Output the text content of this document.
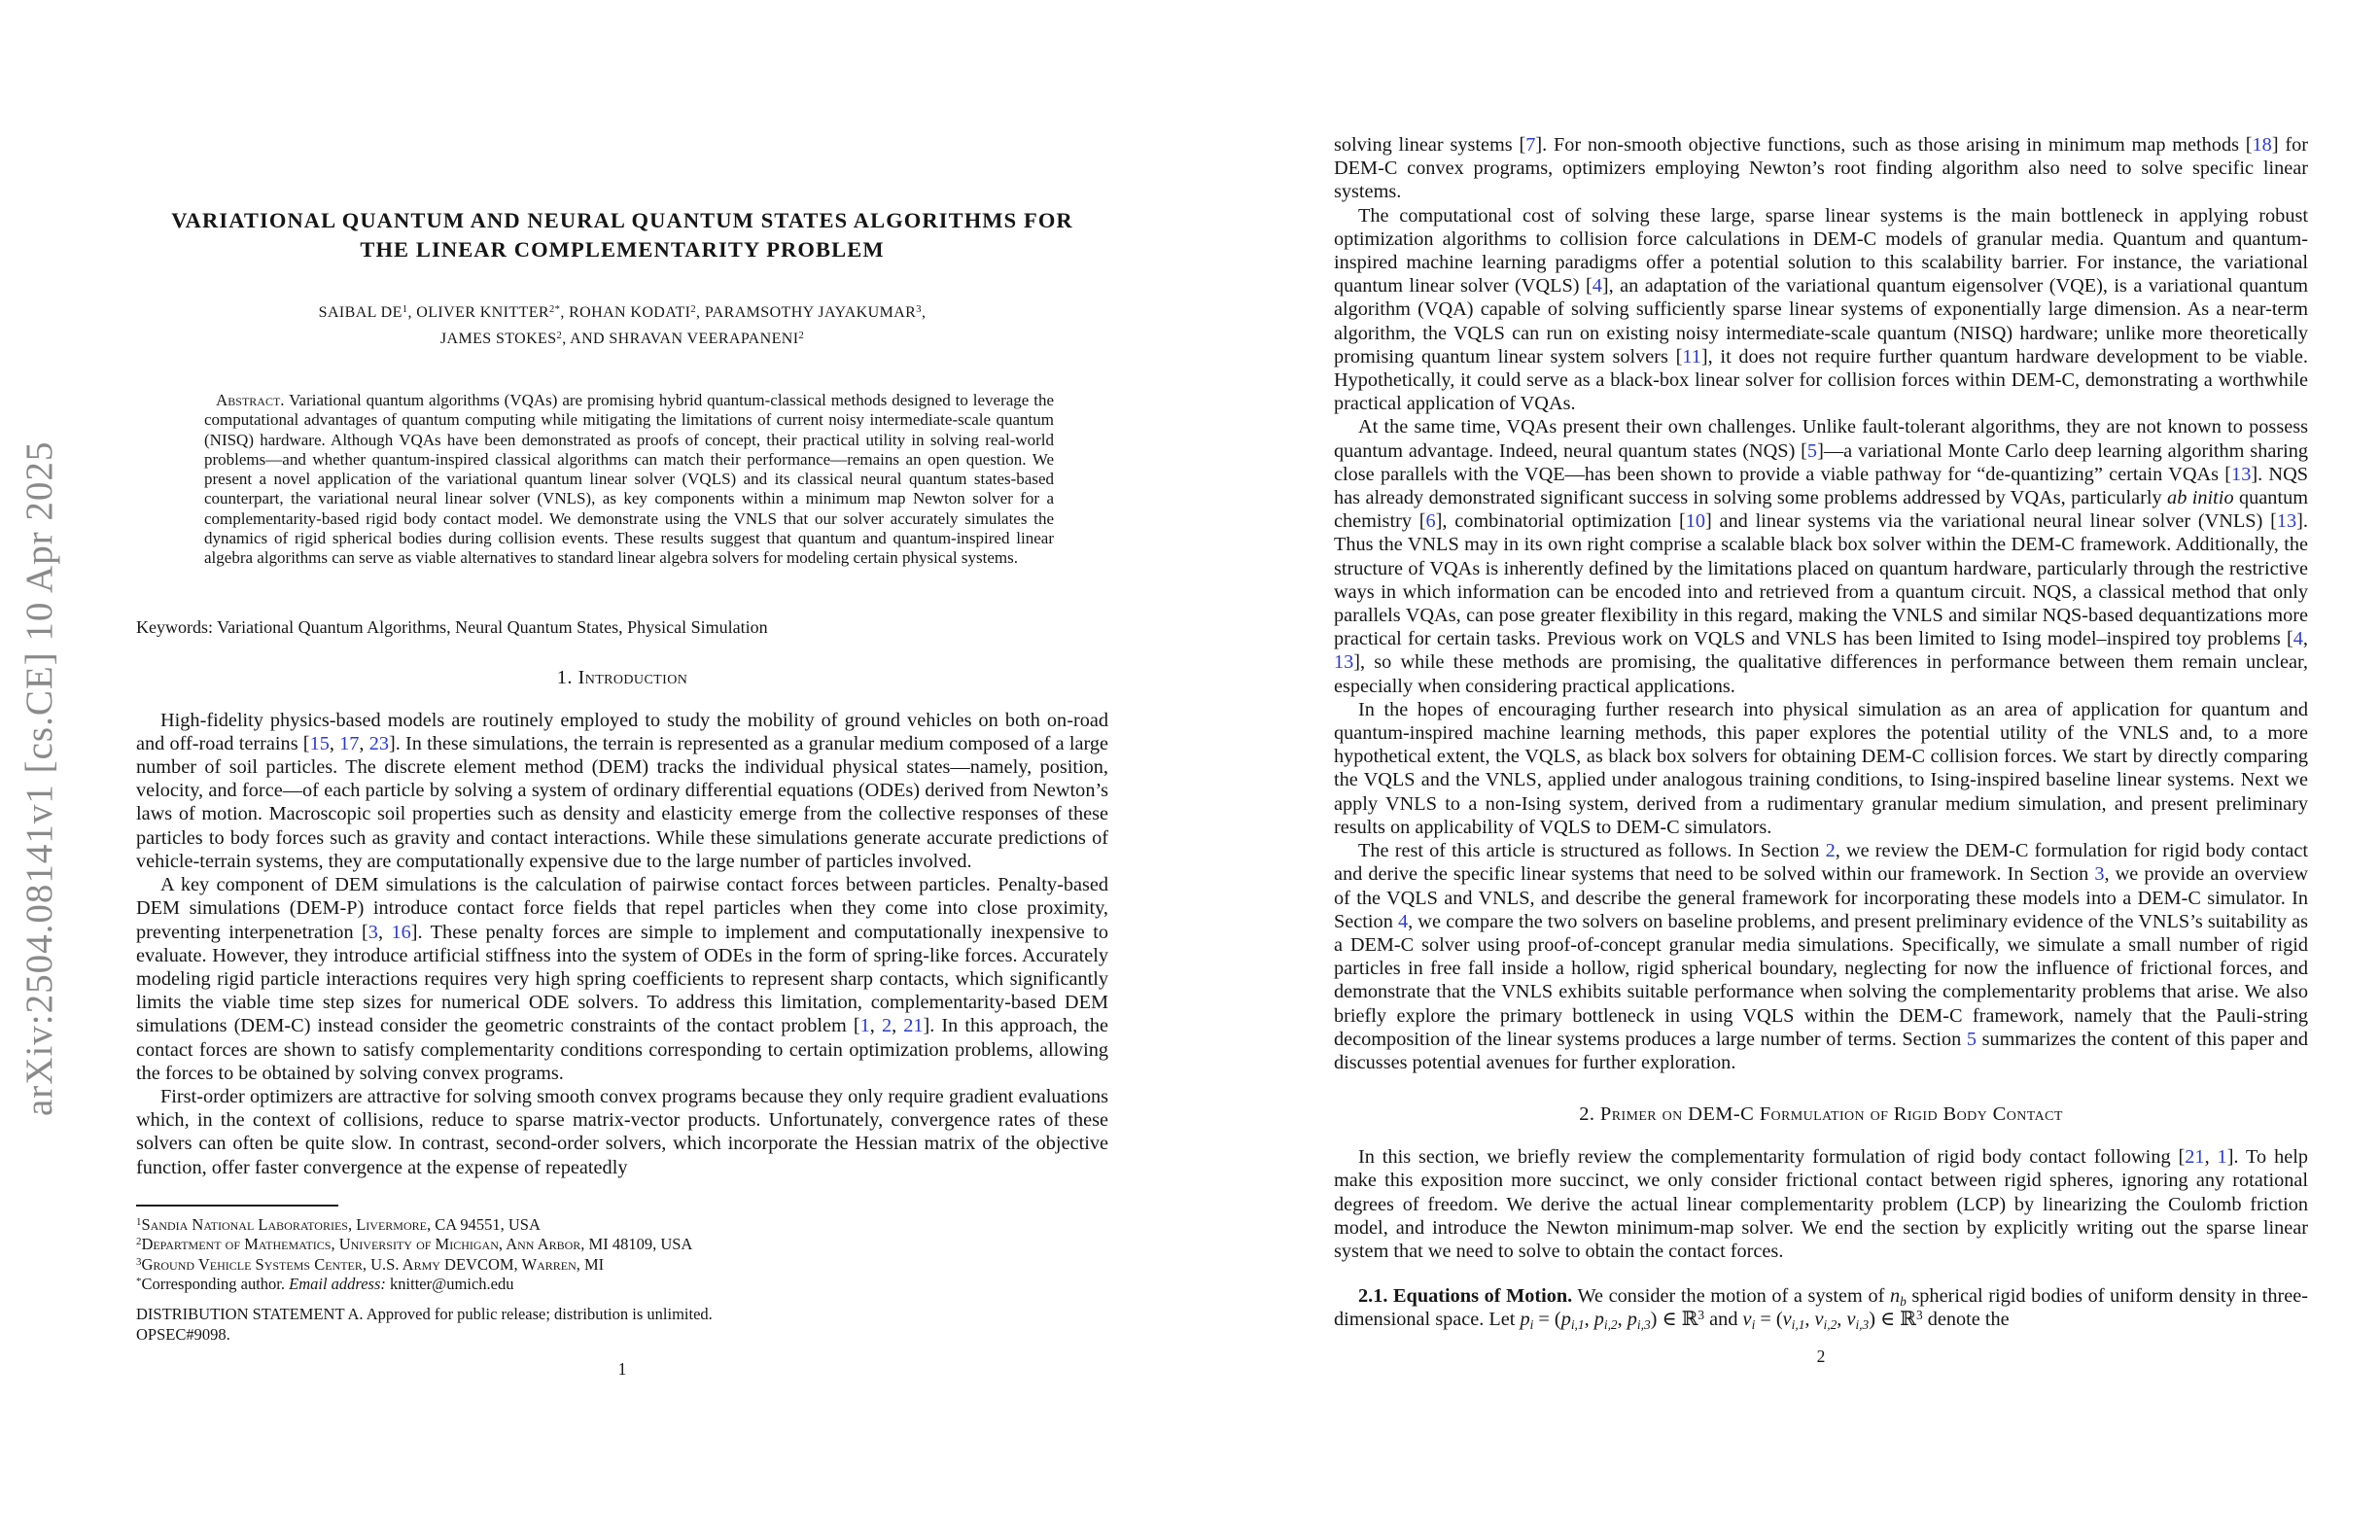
arXiv:2504.08141v1 [cs.CE] 10 Apr 2025
VARIATIONAL QUANTUM AND NEURAL QUANTUM STATES ALGORITHMS FOR
THE LINEAR COMPLEMENTARITY PROBLEM
SAIBAL $DE^1$, OLIVER $KNITTER^{2*}$, ROHAN KODATI$^2$, PARAMSOTHY JAYAKUMAR$^3$,
JAMES STOKES$^2$, AND SHRAVAN VEERAPANENI$^2$
Abstract. Variational quantum algorithms (VQAs) are promising hybrid quantum-classical methods designed to leverage the computational advantages of quantum computing while mitigating the limitations of current noisy intermediate-scale quantum (NISQ) hardware. Although VQAs have been demonstrated as proofs of concept, their practical utility in solving real-world problems—and whether quantum-inspired classical algorithms can match their performance—remains an open question. We present a novel application of the variational quantum linear solver (VQLS) and its classical neural quantum states-based counterpart, the variational neural linear solver (VNLS), as key components within a minimum map Newton solver for a complementarity-based rigid body contact model. We demonstrate using the VNLS that our solver accurately simulates the dynamics of rigid spherical bodies during collision events. These results suggest that quantum and quantum-inspired linear algebra algorithms can serve as viable alternatives to standard linear algebra solvers for modeling certain physical systems.
Keywords: Variational Quantum Algorithms, Neural Quantum States, Physical Simulation
1. Introduction

High-fidelity physics-based models are routinely employed to study the mobility of ground vehicles on both on-road and off-road terrains [15, 17, 23]. In these simulations, the terrain is represented as a granular medium composed of a large number of soil particles. The discrete element method (DEM) tracks the individual physical states—namely, position, velocity, and force—of each particle by solving a system of ordinary differential equations (ODEs) derived from Newton’s laws of motion. Macroscopic soil properties such as density and elasticity emerge from the collective responses of these particles to body forces such as gravity and contact interactions. While these simulations generate accurate predictions of vehicle-terrain systems, they are computationally expensive due to the large number of particles involved.

A key component of DEM simulations is the calculation of pairwise contact forces between particles. Penalty-based DEM simulations (DEM-P) introduce contact force fields that repel particles when they come into close proximity, preventing interpenetration [3, 16]. These penalty forces are simple to implement and computationally inexpensive to evaluate. However, they introduce artificial stiffness into the system of ODEs in the form of spring-like forces. Accurately modeling rigid particle interactions requires very high spring coefficients to represent sharp contacts, which significantly limits the viable time step sizes for numerical ODE solvers. To address this limitation, complementarity-based DEM simulations (DEM-C) instead consider the geometric constraints of the contact problem [1, 2, 21]. In this approach, the contact forces are shown to satisfy complementarity conditions corresponding to certain optimization problems, allowing the forces to be obtained by solving convex programs.

First-order optimizers are attractive for solving smooth convex programs because they only require gradient evaluations which, in the context of collisions, reduce to sparse matrix-vector products. Unfortunately, convergence rates of these solvers can often be quite slow. In contrast, second-order solvers, which incorporate the Hessian matrix of the objective function, offer faster convergence at the expense of repeatedly

$^1$Sandia National Laboratories, Livermore, CA 94551, USA
$^2$Department of Mathematics, University of Michigan, Ann Arbor, MI 48109, USA
$^3$Ground Vehicle Systems Center, U.S. Army DEVCOM, Warren, MI
*Corresponding author. Email address: knitter@umich.edu
DISTRIBUTION STATEMENT A. Approved for public release; distribution is unlimited.
OPSEC#9098.
1

solving linear systems [7]. For non-smooth objective functions, such as those arising in minimum map methods [18] for DEM-C convex programs, optimizers employing Newton’s root finding algorithm also need to solve specific linear systems.

The computational cost of solving these large, sparse linear systems is the main bottleneck in applying robust optimization algorithms to collision force calculations in DEM-C models of granular media. Quantum and quantum-inspired machine learning paradigms offer a potential solution to this scalability barrier. For instance, the variational quantum linear solver (VQLS) [4], an adaptation of the variational quantum eigensolver (VQE), is a variational quantum algorithm (VQA) capable of solving sufficiently sparse linear systems of exponentially large dimension. As a near-term algorithm, the VQLS can run on existing noisy intermediate-scale quantum (NISQ) hardware; unlike more theoretically promising quantum linear system solvers [11], it does not require further quantum hardware development to be viable. Hypothetically, it could serve as a black-box linear solver for collision forces within DEM-C, demonstrating a worthwhile practical application of VQAs.

At the same time, VQAs present their own challenges. Unlike fault-tolerant algorithms, they are not known to possess quantum advantage. Indeed, neural quantum states (NQS) [5]—a variational Monte Carlo deep learning algorithm sharing close parallels with the VQE—has been shown to provide a viable pathway for “de-quantizing” certain VQAs [13]. NQS has already demonstrated significant success in solving some problems addressed by VQAs, particularly ab initio quantum chemistry [6], combinatorial optimization [10] and linear systems via the variational neural linear solver (VNLS) [13]. Thus the VNLS may in its own right comprise a scalable black box solver within the DEM-C framework. Additionally, the structure of VQAs is inherently defined by the limitations placed on quantum hardware, particularly through the restrictive ways in which information can be encoded into and retrieved from a quantum circuit. NQS, a classical method that only parallels VQAs, can pose greater flexibility in this regard, making the VNLS and similar NQS-based dequantizations more practical for certain tasks. Previous work on VQLS and VNLS has been limited to Ising model–inspired toy problems [4, 13], so while these methods are promising, the qualitative differences in performance between them remain unclear, especially when considering practical applications.

In the hopes of encouraging further research into physical simulation as an area of application for quantum and quantum-inspired machine learning methods, this paper explores the potential utility of the VNLS and, to a more hypothetical extent, the VQLS, as black box solvers for obtaining DEM-C collision forces. We start by directly comparing the VQLS and the VNLS, applied under analogous training conditions, to Ising-inspired baseline linear systems. Next we apply VNLS to a non-Ising system, derived from a rudimentary granular medium simulation, and present preliminary results on applicability of VQLS to DEM-C simulators.

The rest of this article is structured as follows. In Section 2, we review the DEM-C formulation for rigid body contact and derive the specific linear systems that need to be solved within our framework. In Section 3, we provide an overview of the VQLS and VNLS, and describe the general framework for incorporating these models into a DEM-C simulator. In Section 4, we compare the two solvers on baseline problems, and present preliminary evidence of the VNLS’s suitability as a DEM-C solver using proof-of-concept granular media simulations. Specifically, we simulate a small number of rigid particles in free fall inside a hollow, rigid spherical boundary, neglecting for now the influence of frictional forces, and demonstrate that the VNLS exhibits suitable performance when solving the complementarity problems that arise. We also briefly explore the primary bottleneck in using VQLS within the DEM-C framework, namely that the Pauli-string decomposition of the linear systems produces a large number of terms. Section 5 summarizes the content of this paper and discusses potential avenues for further exploration.

2. Primer on DEM-C Formulation of Rigid Body Contact

In this section, we briefly review the complementarity formulation of rigid body contact following [21, 1]. To help make this exposition more succinct, we only consider frictional contact between rigid spheres, ignoring any rotational degrees of freedom. We derive the actual linear complementarity problem (LCP) by linearizing the Coulomb friction model, and introduce the Newton minimum-map solver. We end the section by explicitly writing out the sparse linear system that we need to solve to obtain the contact forces.

2.1. Equations of Motion. We consider the motion of a system of nb spherical rigid bodies of uniform density in three-dimensional space. Let pi = (pi,1, pi,2, pi,3) ∈ ℝ$^3$ and vi = (vi,1, vi,2, vi,3) ∈ ℝ$^3$ denote the

2
